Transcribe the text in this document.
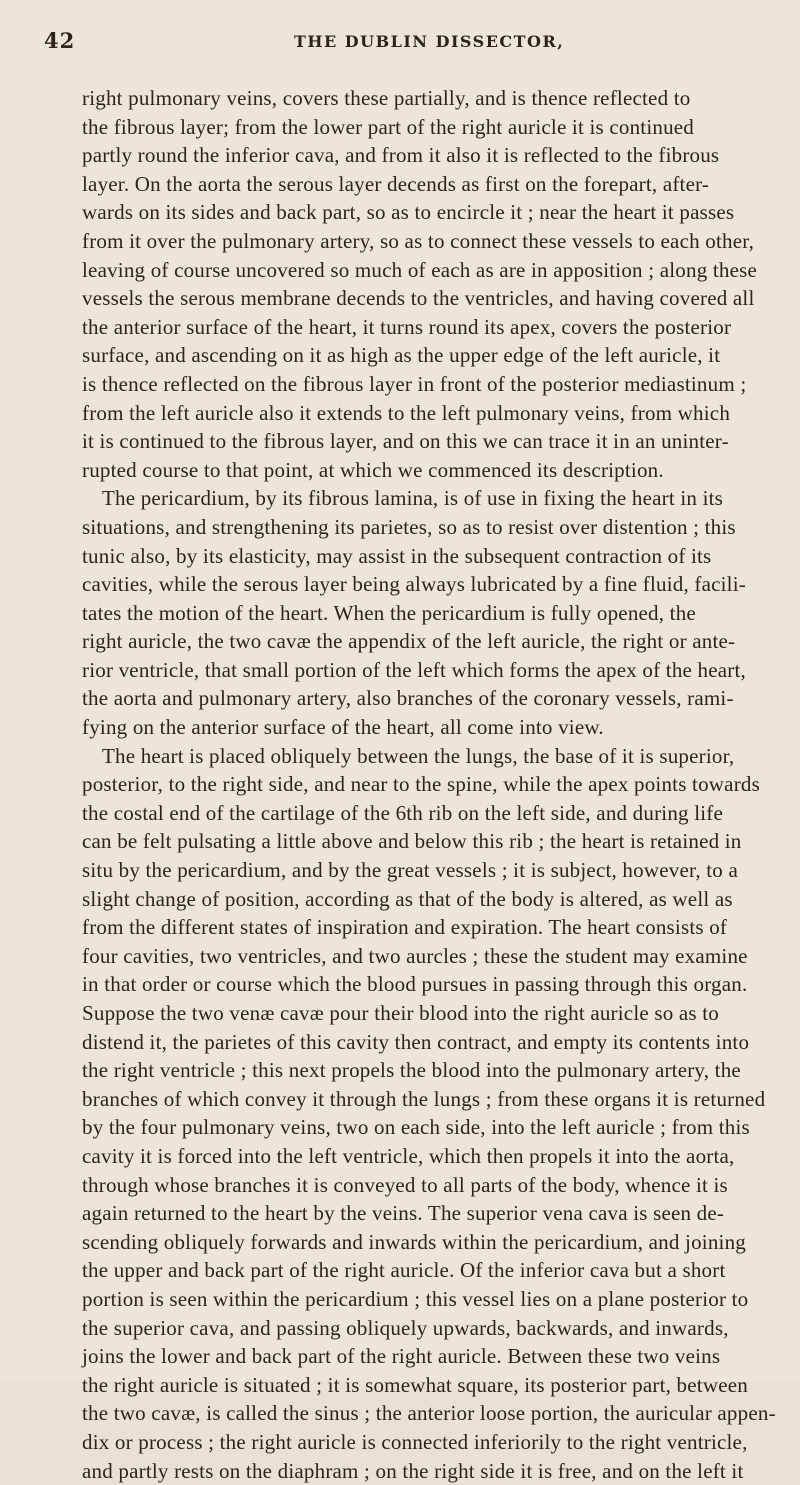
42	THE DUBLIN DISSECTOR,
right pulmonary veins, covers these partially, and is thence reflected to
the fibrous layer; from the lower part of the right auricle it is continued
partly round the inferior cava, and from it also it is reflected to the fibrous
layer. On the aorta the serous layer decends as first on the forepart, after-
wards on its sides and back part, so as to encircle it ; near the heart it passes
from it over the pulmonary artery, so as to connect these vessels to each other,
leaving of course uncovered so much of each as are in apposition ; along these
vessels the serous membrane decends to the ventricles, and having covered all
the anterior surface of the heart, it turns round its apex, covers the posterior
surface, and ascending on it as high as the upper edge of the left auricle, it
is thence reflected on the fibrous layer in front of the posterior mediastinum ;
from the left auricle also it extends to the left pulmonary veins, from which
it is continued to the fibrous layer, and on this we can trace it in an uninter-
rupted course to that point, at which we commenced its description.
The pericardium, by its fibrous lamina, is of use in fixing the heart in its
situations, and strengthening its parietes, so as to resist over distention ; this
tunic also, by its elasticity, may assist in the subsequent contraction of its
cavities, while the serous layer being always lubricated by a fine fluid, facili-
tates the motion of the heart. When the pericardium is fully opened, the
right auricle, the two cavæ the appendix of the left auricle, the right or ante-
rior ventricle, that small portion of the left which forms the apex of the heart,
the aorta and pulmonary artery, also branches of the coronary vessels, rami-
fying on the anterior surface of the heart, all come into view.
The heart is placed obliquely between the lungs, the base of it is superior,
posterior, to the right side, and near to the spine, while the apex points towards
the costal end of the cartilage of the 6th rib on the left side, and during life
can be felt pulsating a little above and below this rib ; the heart is retained in
situ by the pericardium, and by the great vessels ; it is subject, however, to a
slight change of position, according as that of the body is altered, as well as
from the different states of inspiration and expiration. The heart consists of
four cavities, two ventricles, and two aurcles ; these the student may examine
in that order or course which the blood pursues in passing through this organ.
Suppose the two venæ cavæ pour their blood into the right auricle so as to
distend it, the parietes of this cavity then contract, and empty its contents into
the right ventricle ; this next propels the blood into the pulmonary artery, the
branches of which convey it through the lungs ; from these organs it is returned
by the four pulmonary veins, two on each side, into the left auricle ; from this
cavity it is forced into the left ventricle, which then propels it into the aorta,
through whose branches it is conveyed to all parts of the body, whence it is
again returned to the heart by the veins. The superior vena cava is seen de-
scending obliquely forwards and inwards within the pericardium, and joining
the upper and back part of the right auricle. Of the inferior cava but a short
portion is seen within the pericardium ; this vessel lies on a plane posterior to
the superior cava, and passing obliquely upwards, backwards, and inwards,
joins the lower and back part of the right auricle. Between these two veins
the right auricle is situated ; it is somewhat square, its posterior part, between
the two cavæ, is called the sinus ; the anterior loose portion, the auricular appen-
dix or process ; the right auricle is connected inferiorily to the right ventricle,
and partly rests on the diaphram ; on the right side it is free, and on the left it
